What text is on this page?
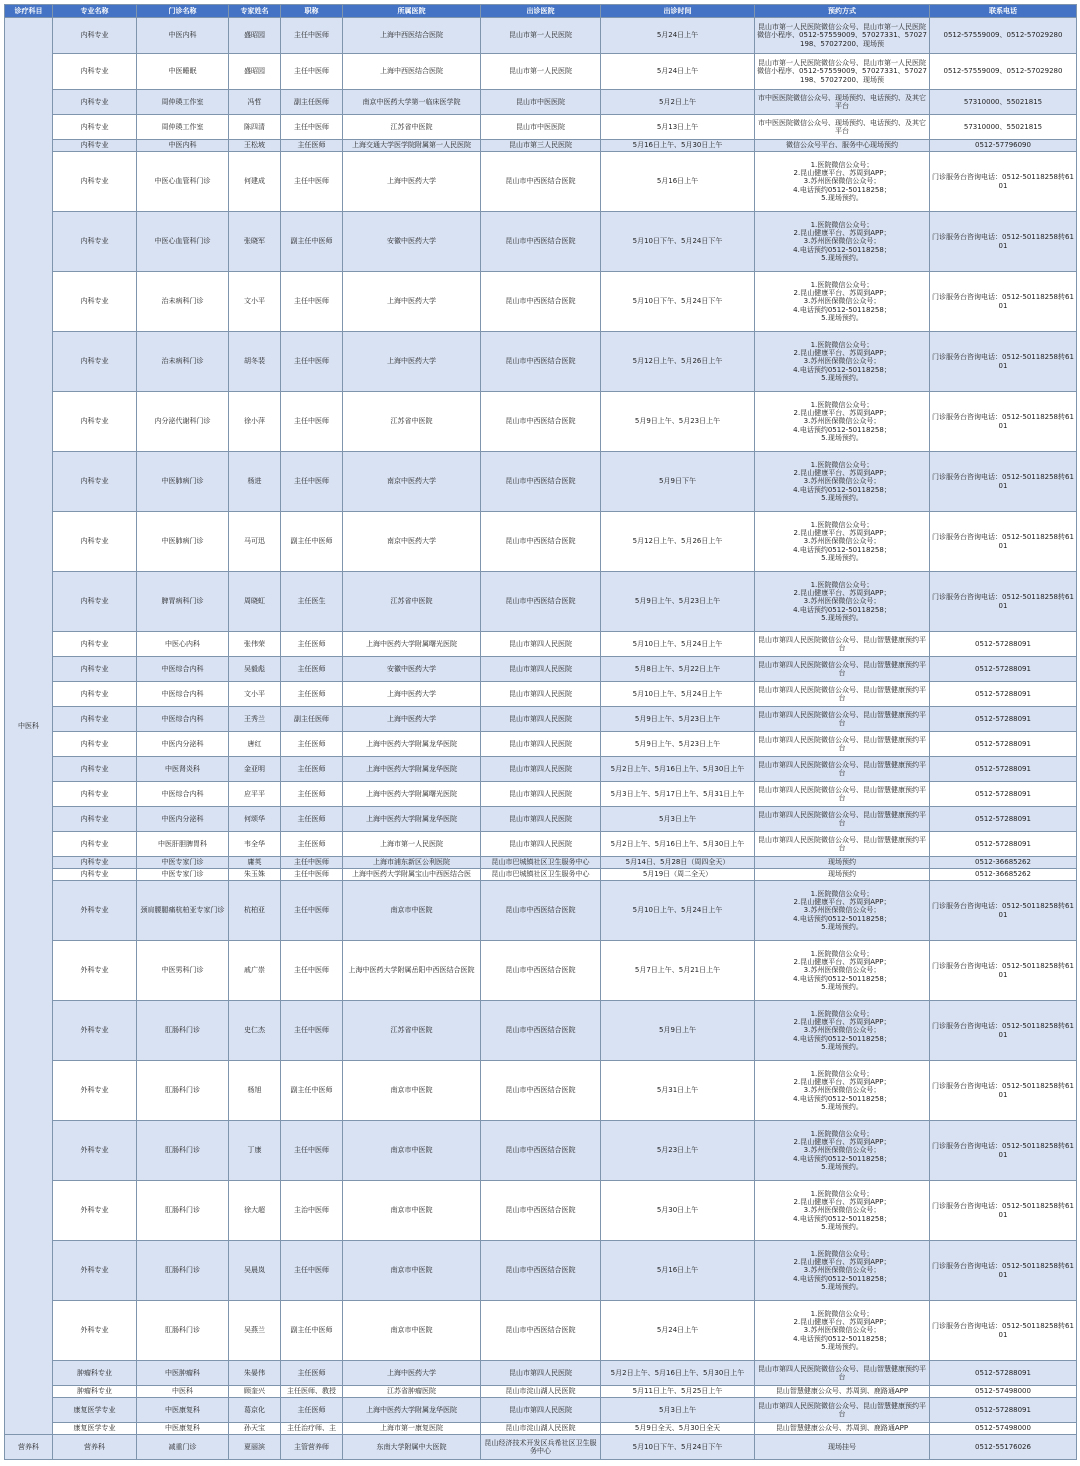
诊疗科目	专业名称	门诊名称	专家姓名	职称	所属医院	出诊医院	出诊时间	预约方式	联系电话
中医科	内科专业	中医内科	盛昭园	主任中医师	上海中西医结合医院	昆山市第一人民医院	5月24日上午	昆山市第一人民医院微信公众号、昆山市第一人民医院微信小程序、0512-57559009、57027331、57027198、57027200、现场预	0512-57559009、0512-57029280
	内科专业	中医睡眠	盛昭园	主任中医师	上海中西医结合医院	昆山市第一人民医院	5月24日上午	昆山市第一人民医院微信公众号、昆山市第一人民医院微信小程序、0512-57559009、57027331、57027198、57027200、现场预	0512-57559009、0512-57029280
	内科专业	周仲瑛工作室	冯哲	副主任医师	南京中医药大学第一临床医学院	昆山市中医医院	5月2日上午	市中医医院微信公众号、现场预约、电话预约、及其它平台	57310000、55021815
	内科专业	周仲瑛工作室	陈四清	主任中医师	江苏省中医院	昆山市中医医院	5月13日上午	市中医医院微信公众号、现场预约、电话预约、及其它平台	57310000、55021815
	内科专业	中医内科	王松坡	主任医师	上海交通大学医学院附属第一人民医院	昆山市第三人民医院	5月16日上午、5月30日上午	微信公众号平台、服务中心现场预约	0512-57796090
	内科专业	中医心血管科门诊	何建成	主任中医师	上海中医药大学	昆山市中西医结合医院	5月16日上午	1.医院微信公众号；
2.昆山健康平台、苏周到APP；
3.苏州医保微信公众号；
4.电话预约0512-50118258；
5.现场预约。	门诊服务台咨询电话：0512-50118258转6101
	内科专业	中医心血管科门诊	张晓军	副主任中医师	安徽中医药大学	昆山市中西医结合医院	5月10日下午、5月24日下午	1.医院微信公众号；
2.昆山健康平台、苏周到APP；
3.苏州医保微信公众号；
4.电话预约0512-50118258；
5.现场预约。	门诊服务台咨询电话：0512-50118258转6101
	内科专业	治未病科门诊	文小平	主任中医师	上海中医药大学	昆山市中西医结合医院	5月10日下午、5月24日下午	1.医院微信公众号；
2.昆山健康平台、苏周到APP；
3.苏州医保微信公众号；
4.电话预约0512-50118258；
5.现场预约。	门诊服务台咨询电话：0512-50118258转6101
	内科专业	治未病科门诊	胡冬裴	主任中医师	上海中医药大学	昆山市中西医结合医院	5月12日上午、5月26日上午	1.医院微信公众号；
2.昆山健康平台、苏周到APP；
3.苏州医保微信公众号；
4.电话预约0512-50118258；
5.现场预约。	门诊服务台咨询电话：0512-50118258转6101
	内科专业	内分泌代谢科门诊	徐小萍	主任中医师	江苏省中医院	昆山市中西医结合医院	5月9日上午、5月23日上午	1.医院微信公众号；
2.昆山健康平台、苏周到APP；
3.苏州医保微信公众号；
4.电话预约0512-50118258；
5.现场预约。	门诊服务台咨询电话：0512-50118258转6101
	内科专业	中医肺病门诊	杨进	主任中医师	南京中医药大学	昆山市中西医结合医院	5月9日下午	1.医院微信公众号；
2.昆山健康平台、苏周到APP；
3.苏州医保微信公众号；
4.电话预约0512-50118258；
5.现场预约。	门诊服务台咨询电话：0512-50118258转6101
	内科专业	中医肺病门诊	马可迅	副主任中医师	南京中医药大学	昆山市中西医结合医院	5月12日上午、5月26日上午	1.医院微信公众号；
2.昆山健康平台、苏周到APP；
3.苏州医保微信公众号；
4.电话预约0512-50118258；
5.现场预约。	门诊服务台咨询电话：0512-50118258转6101
	内科专业	脾胃病科门诊	周晓虹	主任医生	江苏省中医院	昆山市中西医结合医院	5月9日上午、5月23日上午	1.医院微信公众号；
2.昆山健康平台、苏周到APP；
3.苏州医保微信公众号；
4.电话预约0512-50118258；
5.现场预约。	门诊服务台咨询电话：0512-50118258转6101
	内科专业	中医心内科	张伟荣	主任医师	上海中医药大学附属曙光医院	昆山市第四人民医院	5月10日上午、5月24日上午	昆山市第四人民医院微信公众号、昆山智慧健康预约平台	0512-57288091
	内科专业	中医综合内科	吴毅彪	主任医师	安徽中医药大学	昆山市第四人民医院	5月8日上午、5月22日上午	昆山市第四人民医院微信公众号、昆山智慧健康预约平台	0512-57288091
	内科专业	中医综合内科	文小平	主任医师	上海中医药大学	昆山市第四人民医院	5月10日上午、5月24日上午	昆山市第四人民医院微信公众号、昆山智慧健康预约平台	0512-57288091
	内科专业	中医综合内科	王秀兰	副主任医师	上海中医药大学	昆山市第四人民医院	5月9日上午、5月23日上午	昆山市第四人民医院微信公众号、昆山智慧健康预约平台	0512-57288091
	内科专业	中医内分泌科	唐红	主任医师	上海中医药大学附属龙华医院	昆山市第四人民医院	5月9日上午、5月23日上午	昆山市第四人民医院微信公众号、昆山智慧健康预约平台	0512-57288091
	内科专业	中医肾炎科	金亚明	主任医师	上海中医药大学附属龙华医院	昆山市第四人民医院	5月2日上午、5月16日上午、5月30日上午	昆山市第四人民医院微信公众号、昆山智慧健康预约平台	0512-57288091
	内科专业	中医综合内科	应平平	主任医师	上海中医药大学附属曙光医院	昆山市第四人民医院	5月3日上午、5月17日上午、5月31日上午	昆山市第四人民医院微信公众号、昆山智慧健康预约平台	0512-57288091
	内科专业	中医内分泌科	何颂华	主任医师	上海中医药大学附属龙华医院	昆山市第四人民医院	5月3日上午	昆山市第四人民医院微信公众号、昆山智慧健康预约平台	0512-57288091
	内科专业	中医肝胆脾胃科	韦全华	主任医师	上海市第一人民医院	昆山市第四人民医院	5月2日上午、5月16日上午、5月30日上午	昆山市第四人民医院微信公众号、昆山智慧健康预约平台	0512-57288091
	内科专业	中医专家门诊	庸英	主任中医师	上海市浦东新区公利医院	昆山市巴城镇社区卫生服务中心	5月14日、5月28日（周四全天）	现场预约	0512-36685262
	内科专业	中医专家门诊	朱玉姝	主任中医师	上海中医药大学附属宝山中西医结合医	昆山市巴城镇社区卫生服务中心	5月19日（周二全天）	现场预约	0512-36685262
	外科专业	颈肩腰腿痛杭柏亚专家门诊	杭柏亚	主任中医师	南京市中医院	昆山市中西医结合医院	5月10日上午、5月24日上午	1.医院微信公众号；
2.昆山健康平台、苏周到APP；
3.苏州医保微信公众号；
4.电话预约0512-50118258；
5.现场预约。	门诊服务台咨询电话：0512-50118258转6101
	外科专业	中医男科门诊	戚广崇	主任中医师	上海中医药大学附属岳阳中西医结合医院	昆山市中西医结合医院	5月7日上午、5月21日上午	1.医院微信公众号；
2.昆山健康平台、苏周到APP；
3.苏州医保微信公众号；
4.电话预约0512-50118258；
5.现场预约。	门诊服务台咨询电话：0512-50118258转6101
	外科专业	肛肠科门诊	史仁杰	主任中医师	江苏省中医院	昆山市中西医结合医院	5月9日上午	1.医院微信公众号；
2.昆山健康平台、苏周到APP；
3.苏州医保微信公众号；
4.电话预约0512-50118258；
5.现场预约。	门诊服务台咨询电话：0512-50118258转6101
	外科专业	肛肠科门诊	杨旭	副主任中医师	南京市中医院	昆山市中西医结合医院	5月31日上午	1.医院微信公众号；
2.昆山健康平台、苏周到APP；
3.苏州医保微信公众号；
4.电话预约0512-50118258；
5.现场预约。	门诊服务台咨询电话：0512-50118258转6101
	外科专业	肛肠科门诊	丁康	主任中医师	南京市中医院	昆山市中西医结合医院	5月23日上午	1.医院微信公众号；
2.昆山健康平台、苏周到APP；
3.苏州医保微信公众号；
4.电话预约0512-50118258；
5.现场预约。	门诊服务台咨询电话：0512-50118258转6101
	外科专业	肛肠科门诊	徐大超	主治中医师	南京市中医院	昆山市中西医结合医院	5月30日上午	1.医院微信公众号；
2.昆山健康平台、苏周到APP；
3.苏州医保微信公众号；
4.电话预约0512-50118258；
5.现场预约。	门诊服务台咨询电话：0512-50118258转6101
	外科专业	肛肠科门诊	吴晨岚	主任中医师	南京市中医院	昆山市中西医结合医院	5月16日上午	1.医院微信公众号；
2.昆山健康平台、苏周到APP；
3.苏州医保微信公众号；
4.电话预约0512-50118258；
5.现场预约。	门诊服务台咨询电话：0512-50118258转6101
	外科专业	肛肠科门诊	吴燕兰	副主任中医师	南京市中医院	昆山市中西医结合医院	5月24日上午	1.医院微信公众号；
2.昆山健康平台、苏周到APP；
3.苏州医保微信公众号；
4.电话预约0512-50118258；
5.现场预约。	门诊服务台咨询电话：0512-50118258转6101
	肿瘤科专业	中医肿瘤科	朱晏伟	主任医师	上海中医药大学	昆山市第四人民医院	5月2日上午、5月16日上午、5月30日上午	昆山市第四人民医院微信公众号、昆山智慧健康预约平台	0512-57288091
	肿瘤科专业	中医科	顾奎兴	主任医师、教授	江苏省肿瘤医院	昆山市淀山湖人民医院	5月11日上午、5月25日上午	昆山智慧健康公众号、苏周到、鹿路通APP	0512-57498000
	康复医学专业	中医康复科	葛京化	主任医师	上海中医药大学附属龙华医院	昆山市第四人民医院	5月3日上午	昆山市第四人民医院微信公众号、昆山智慧健康预约平台	0512-57288091
	康复医学专业	中医康复科	孙天宝	主任治疗师、主	上海市第一康复医院	昆山市淀山湖人民医院	5月9日全天、5月30日全天	昆山智慧健康公众号、苏周到、鹿路通APP	0512-57498000
营养科	营养科	减重门诊	夏丽滨	主管营养师	东南大学附属中大医院	昆山经济技术开发区兵希社区卫生服务中心	5月10日下午、5月24日下午	现场挂号	0512-55176026
